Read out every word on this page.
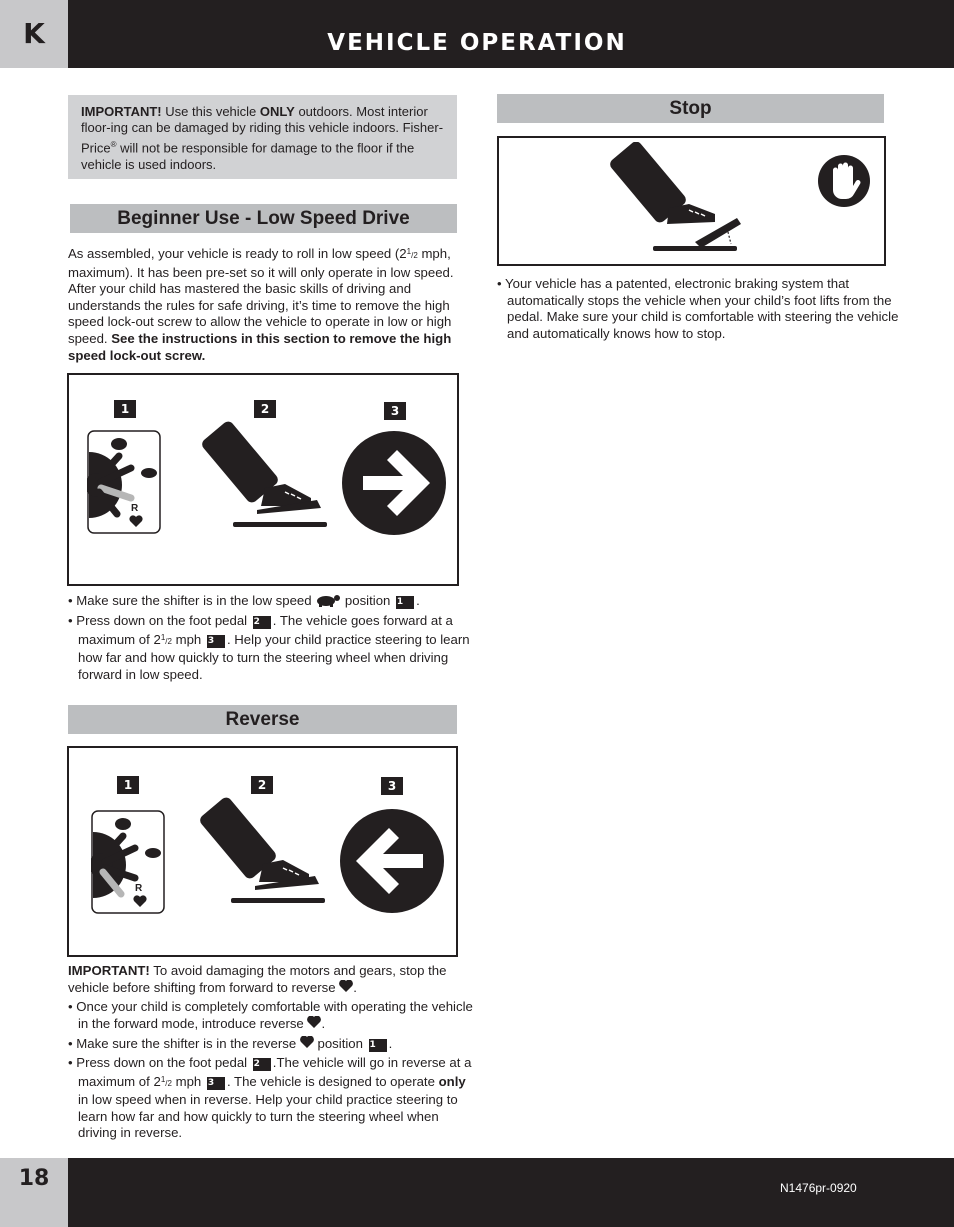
K	VEHICLE OPERATION
IMPORTANT! Use this vehicle ONLY outdoors. Most interior floor-ing can be damaged by riding this vehicle indoors. Fisher-Price® will not be responsible for damage to the floor if the vehicle is used indoors.
Beginner Use - Low Speed Drive
As assembled, your vehicle is ready to roll in low speed ($2^1/2$ mph, maximum). It has been pre-set so it will only operate in low speed. After your child has mastered the basic skills of driving and understands the rules for safe driving, it’s time to remove the high speed lock-out screw to allow the vehicle to operate in low or high speed. See the instructions in this section to remove the high speed lock-out screw.
1	2	3
R
• Make sure the shifter is in the low speed	position 1 .
• Press down on the foot pedal 2 . The vehicle goes forward at a maximum of $2^1/2$ mph 3 . Help your child practice steering to learn how far and how quickly to turn the steering wheel when driving forward in low speed.
Reverse
1	2	3
R
IMPORTANT! To avoid damaging the motors and gears, stop the vehicle before shifting from forward to reverse .
• Once your child is completely comfortable with operating the vehicle in the forward mode, introduce reverse .
• Make sure the shifter is in the reverse position 1 .
• Press down on the foot pedal 2 .The vehicle will go in reverse at a maximum of $2^1/2$ mph 3 . The vehicle is designed to operate only in low speed when in reverse. Help your child practice steering to learn how far and how quickly to turn the steering wheel when driving in reverse.
Stop
• Your vehicle has a patented, electronic braking system that automatically stops the vehicle when your child’s foot lifts from the pedal. Make sure your child is comfortable with steering the vehicle and automatically knows how to stop.
18	N1476pr-0920
